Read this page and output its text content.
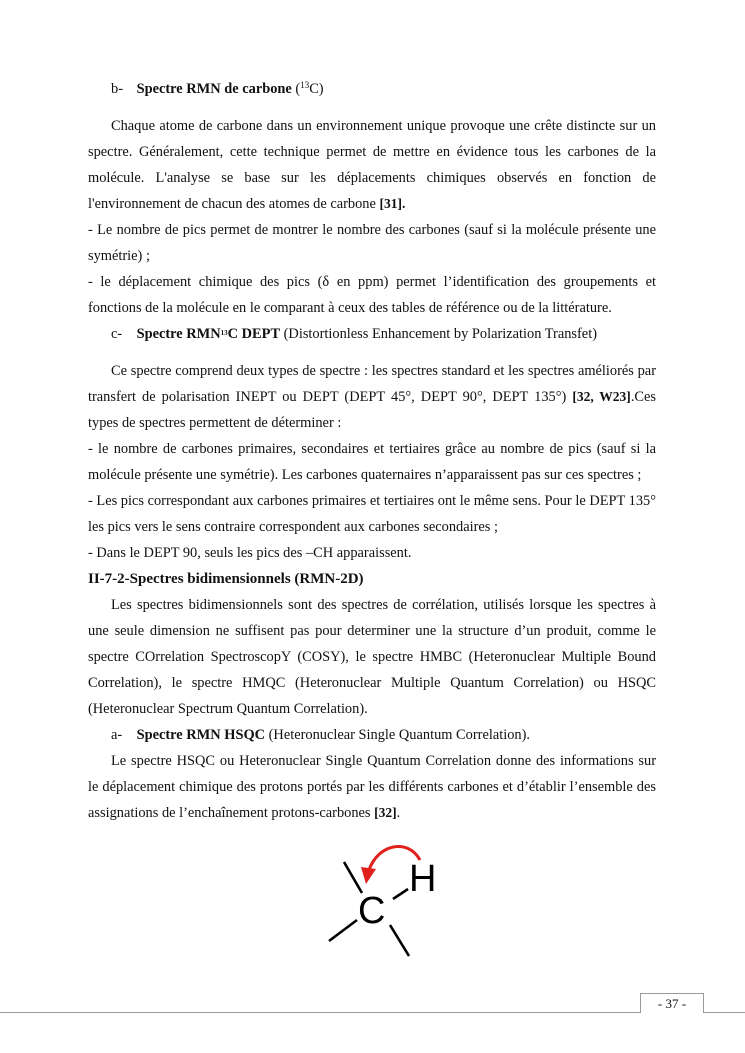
b- Spectre RMN de carbone ($^{13}$C)

Chaque atome de carbone dans un environnement unique provoque une crête distincte sur un spectre. Généralement, cette technique permet de mettre en évidence tous les carbones de la molécule. L'analyse se base sur les déplacements chimiques observés en fonction de l'environnement de chacun des atomes de carbone [31].

- Le nombre de pics permet de montrer le nombre des carbones (sauf si la molécule présente une symétrie) ;

- le déplacement chimique des pics (δ en ppm) permet l’identification des groupements et fonctions de la molécule en le comparant à ceux des tables de référence ou de la littérature.

c- Spectre RMN$^{13}$C DEPT (Distortionless Enhancement by Polarization Transfet)

Ce spectre comprend deux types de spectre : les spectres standard et les spectres améliorés par transfert de polarisation INEPT ou DEPT (DEPT 45°, DEPT 90°, DEPT 135°) [32, W23].Ces types de spectres permettent de déterminer :

- le nombre de carbones primaires, secondaires et tertiaires grâce au nombre de pics (sauf si la molécule présente une symétrie). Les carbones quaternaires n’apparaissent pas sur ces spectres ;

- Les pics correspondant aux carbones primaires et tertiaires ont le même sens. Pour le DEPT 135° les pics vers le sens contraire correspondent aux carbones secondaires ;

- Dans le DEPT 90, seuls les pics des –CH apparaissent.

II-7-2-Spectres bidimensionnels (RMN-2D)

Les spectres bidimensionnels sont des spectres de corrélation, utilisés lorsque les spectres à une seule dimension ne suffisent pas pour determiner une la structure d’un produit, comme le spectre COrrelation SpectroscopY (COSY), le spectre HMBC (Heteronuclear Multiple Bound Correlation), le spectre HMQC (Heteronuclear Multiple Quantum Correlation) ou HSQC (Heteronuclear Spectrum Quantum Correlation).

a- Spectre RMN HSQC (Heteronuclear Single Quantum Correlation).

Le spectre HSQC ou Heteronuclear Single Quantum Correlation donne des informations sur le déplacement chimique des protons portés par les différents carbones et d’établir l’ensemble des assignations de l’enchaînement protons-carbones [32].

C
H
- 37 -
